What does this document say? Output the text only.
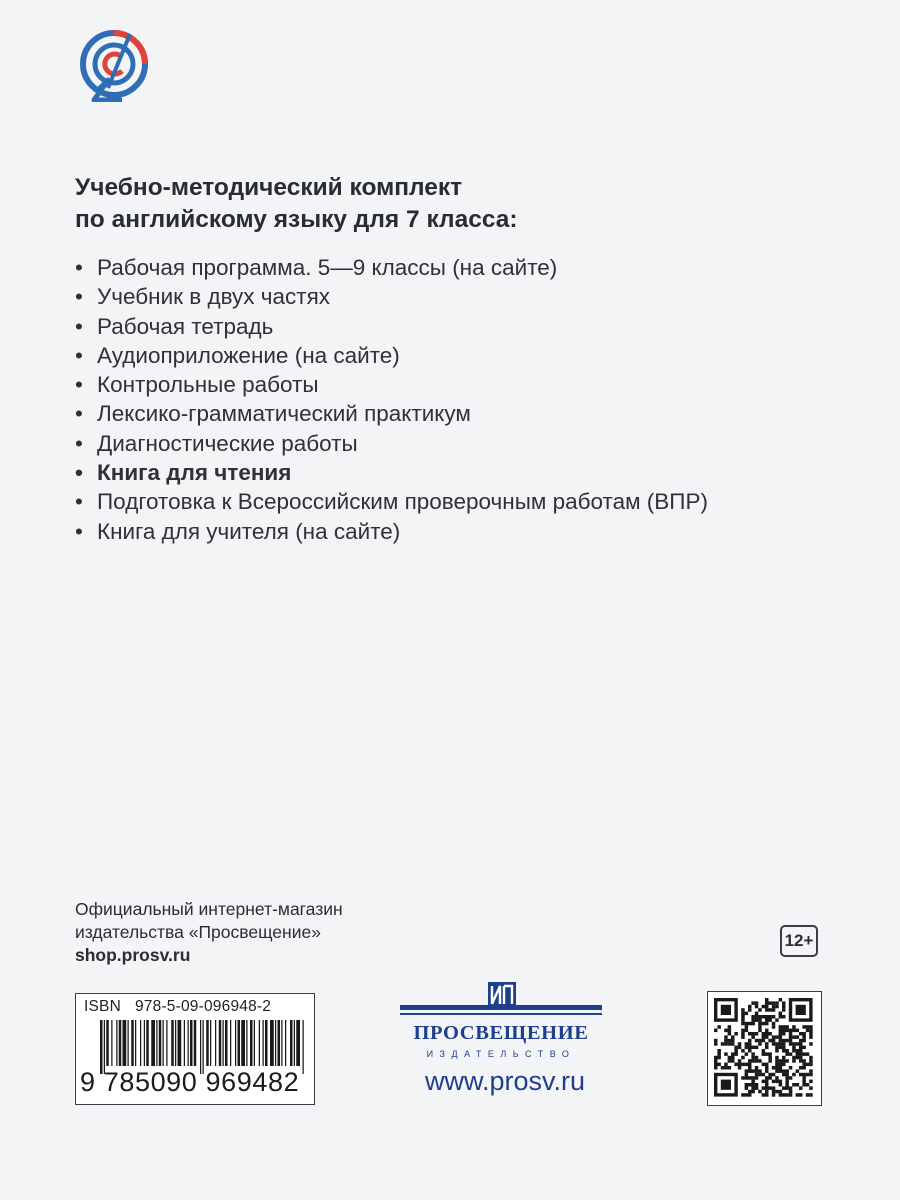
Учебно-методический комплект
по английскому языку для 7 класса:
• Рабочая программа. 5—9 классы (на сайте)
• Учебник в двух частях
• Рабочая тетрадь
• Аудиоприложение (на сайте)
• Контрольные работы
• Лексико-грамматический практикум
• Диагностические работы
• Книга для чтения
• Подготовка к Всероссийским проверочным работам (ВПР)
• Книга для учителя (на сайте)
Официальный интернет-магазин
издательства «Просвещение»
shop.prosv.ru
12+
ISBN 978-5-09-096948-2
9 785090 969482
ПРОСВЕЩЕНИЕ
ИЗДАТЕЛЬСТВО
www.prosv.ru
